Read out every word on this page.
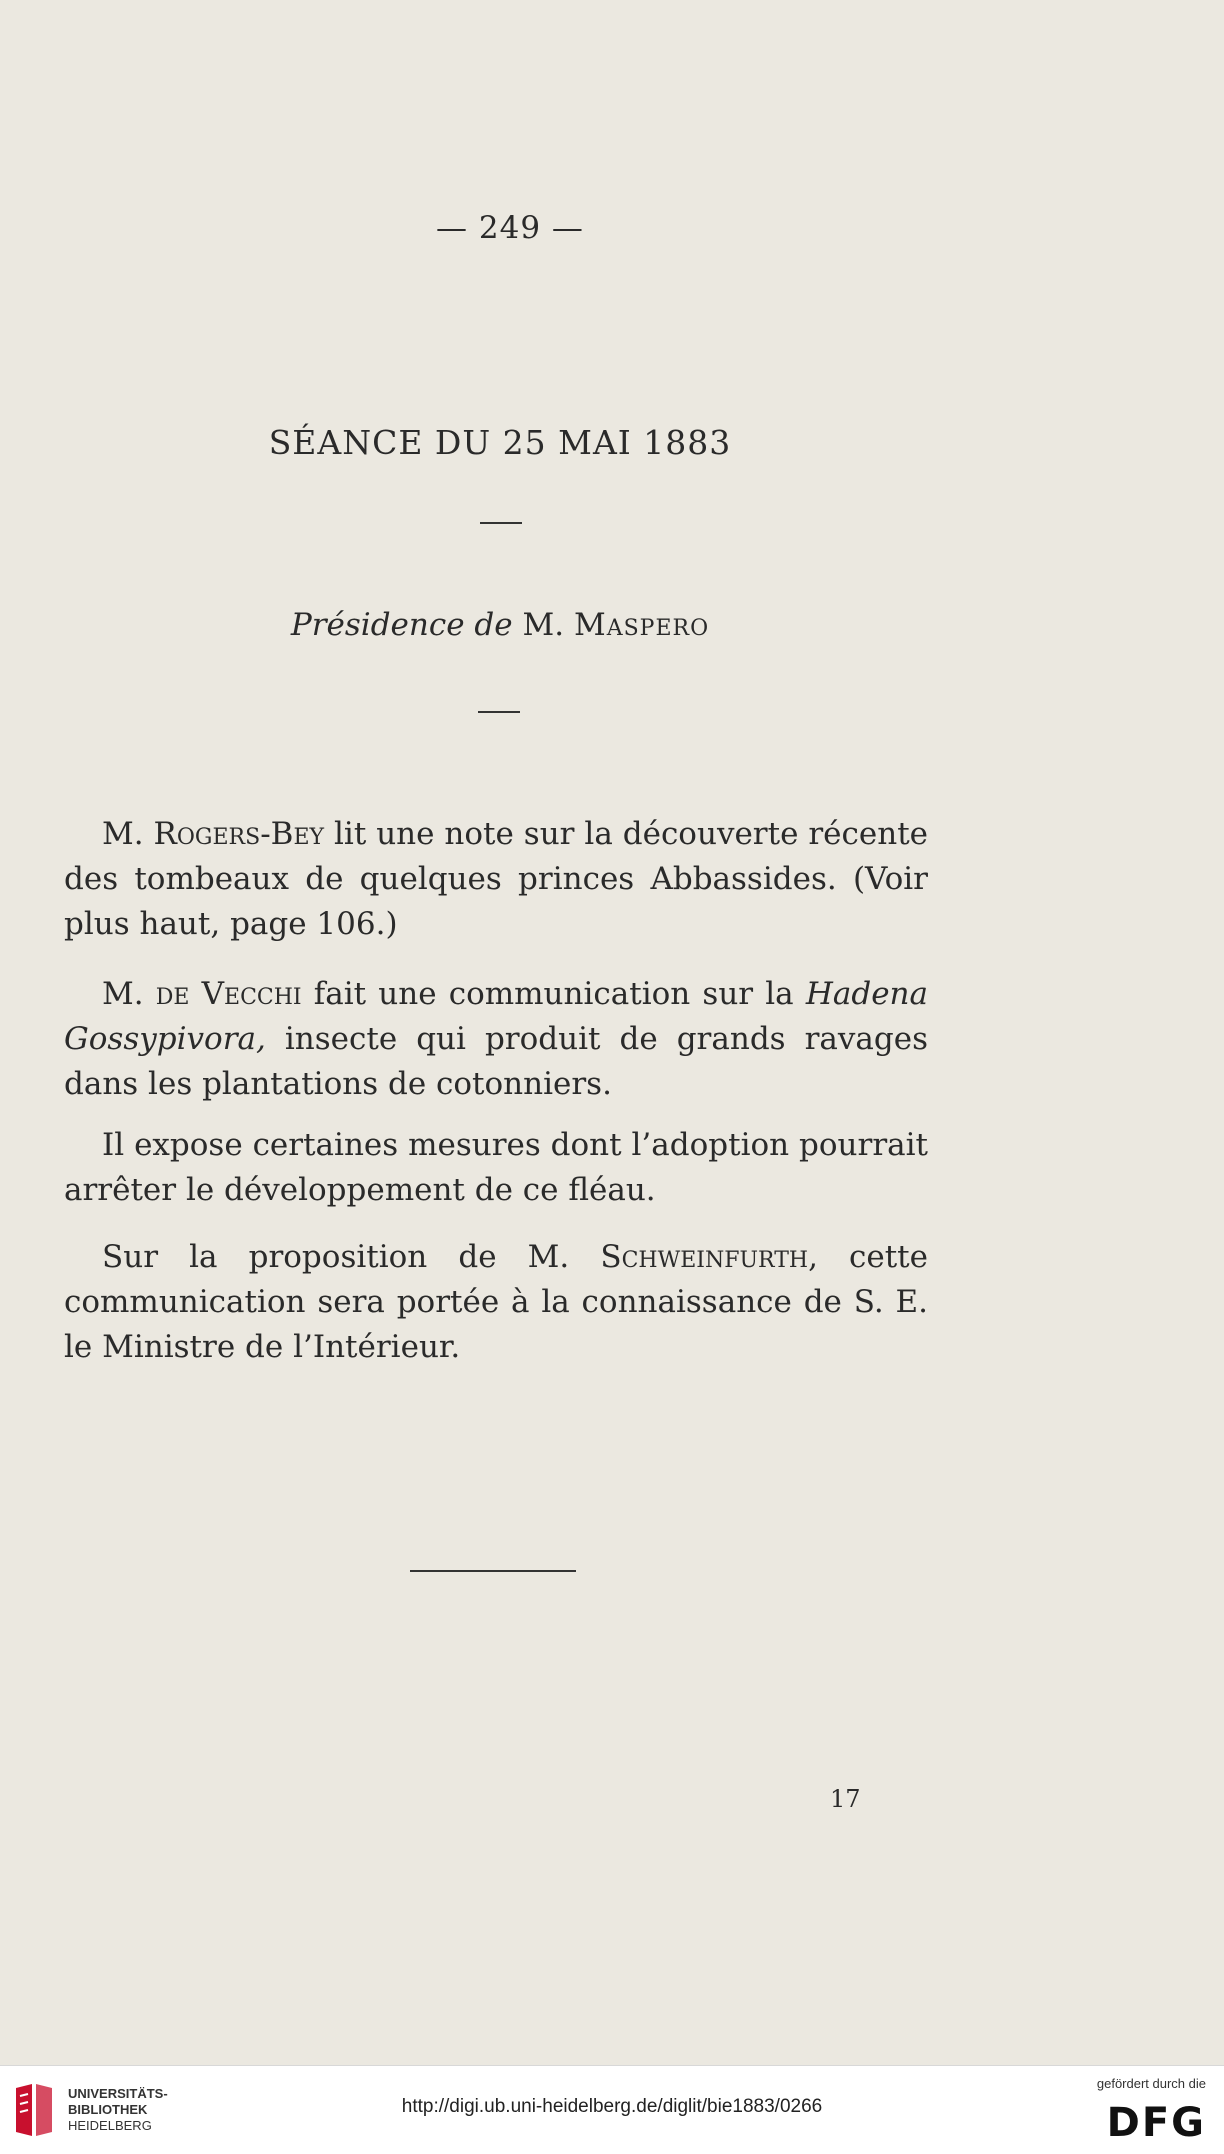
— 249 —
SÉANCE DU 25 MAI 1883
Présidence de M. Maspero

M. Rogers-Bey lit une note sur la découverte récente des tombeaux de quelques princes Abbassides. (Voir plus haut, page 106.)

M. de Vecchi fait une communication sur la Hadena Gossypivora, insecte qui produit de grands ravages dans les plantations de cotonniers.

Il expose certaines mesures dont l’adoption pourrait arrêter le développement de ce fléau.

Sur la proposition de M. Schweinfurth, cette communication sera portée à la connaissance de S. E. le Ministre de l’Intérieur.

17
UNIVERSITÄTS-
BIBLIOTHEK
HEIDELBERG
http://digi.ub.uni-heidelberg.de/diglit/bie1883/0266
gefördert durch die
DFG
